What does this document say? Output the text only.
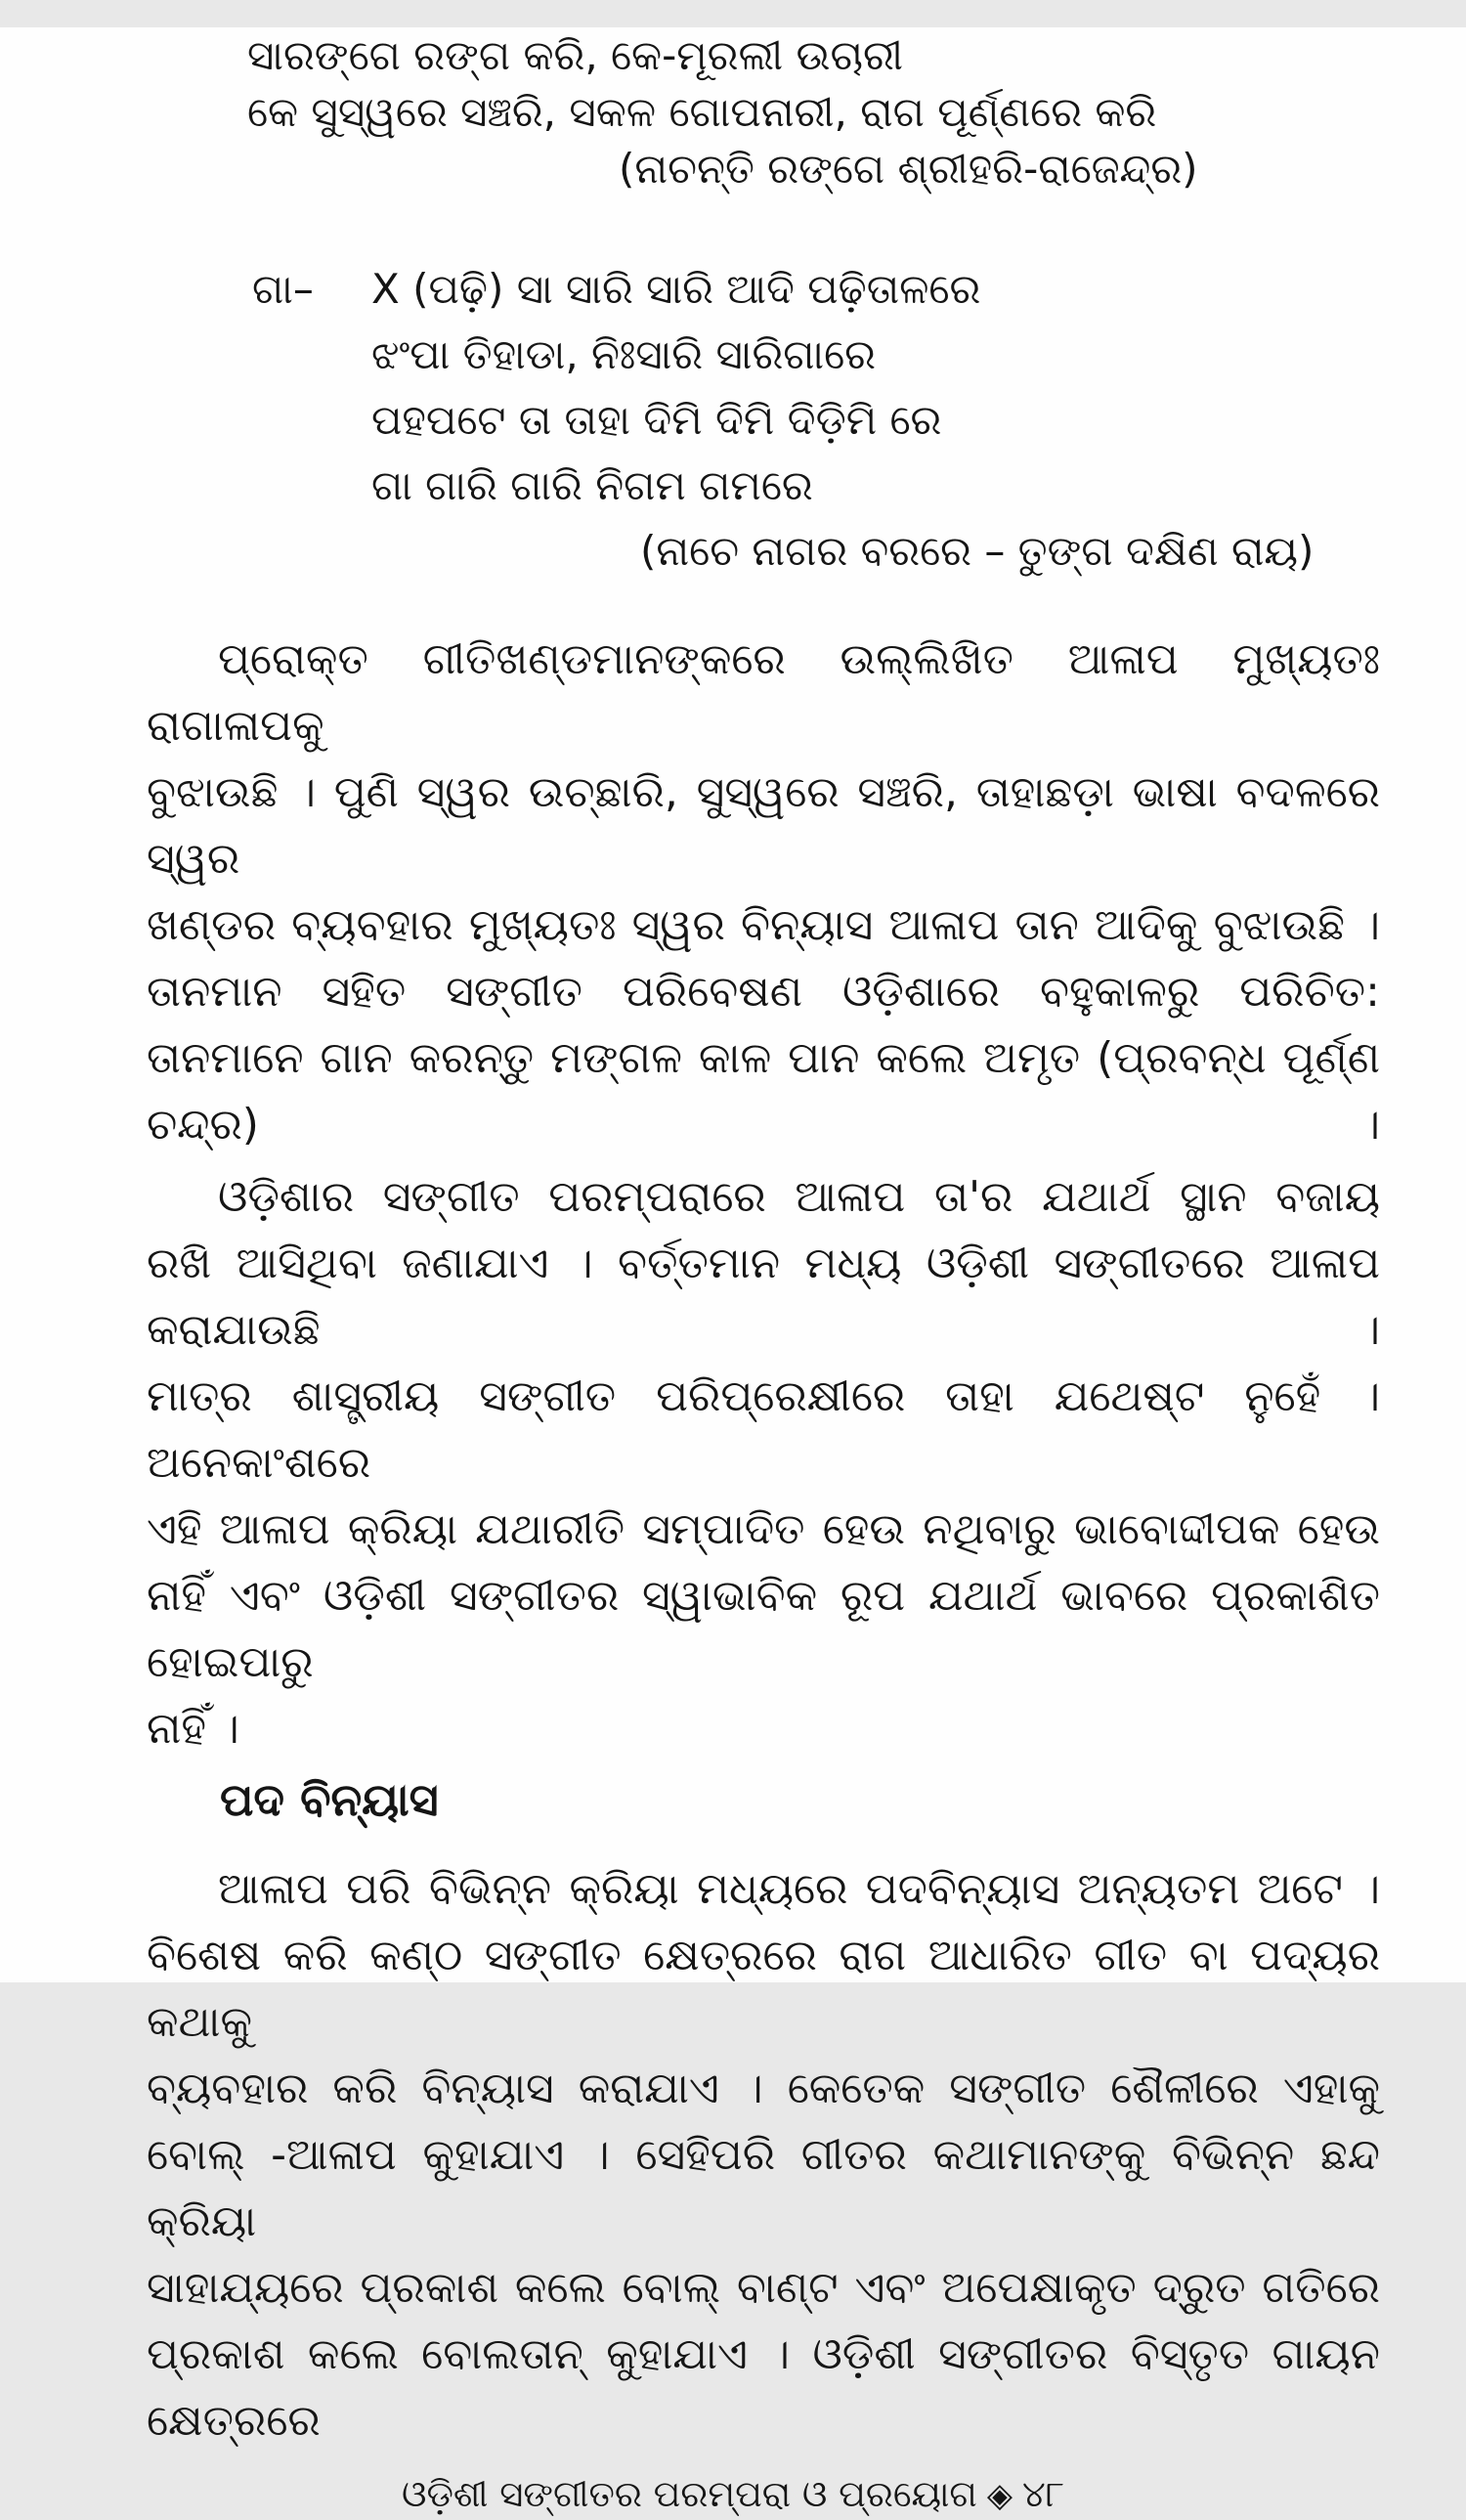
ସାରଙ୍ଗେ ରଙ୍ଗ କରି, କେ-ମୂରଲୀ ଉଚାରୀ
କେ ସୁସ୍ୱରେ ସଞ୍ଚରି, ସକଳ ଗୋପନାରୀ, ରାଗ ପୂର୍ଣ୍ଣରେ କରି
(ନାଚନ୍ତି ରଙ୍ଗେ ଶ୍ରୀହରି-ରାଜେନ୍ଦ୍ର)
ଗା–	X (ପଢ଼ି) ସା ସାରି ସାରି ଆଦି ପଢ଼ିତାଳରେ
ଝଂପା ତିହାଡା, ନିଃସାରି ସାରିଗାରେ
ପହପଟେ ତା ତାହା ଦିମି ଦିମି ଦିଡ଼ିମି ରେ
ଗା ଗାରି ଗାରି ନିଗମ ଗମରେ
(ନାଚେ ନାଗର ବରରେ – ତୁଙ୍ଗ ଦକ୍ଷିଣ ରାୟ)
ପ୍ରୋକ୍ତ ଗୀତିଖଣ୍ଡମାନଙ୍କରେ ଉଲ୍ଲିଖିତ ଆଳାପ ମୁଖ୍ୟତଃ ରାଗାଳାପକୁ
ବୁଝାଉଛି । ପୁଣି ସ୍ୱର ଉଚ୍ଛାରି, ସୁସ୍ୱରେ ସଞ୍ଚରି, ତାହାଛଡ଼ା ଭାଷା ବଦଳରେ ସ୍ୱର
ଖଣ୍ଡର ବ୍ୟବହାର ମୁଖ୍ୟତଃ ସ୍ୱର ବିନ୍ୟାସ ଆଳାପ ତାନ ଆଦିକୁ ବୁଝାଉଛି ।
ତାନମାନ ସହିତ ସଙ୍ଗୀତ ପରିବେଷଣ ଓଡ଼ିଶାରେ ବହୁକାଳରୁ ପରିଚିତ:
ତାନମାନେ ଗାନ କରନ୍ତୁ ମଙ୍ଗଳ କାଳ ପାନ କଲେ ଅମୃତ (ପ୍ରବନ୍ଧ ପୂର୍ଣ୍ଣ ଚନ୍ଦ୍ର) ।
ଓଡ଼ିଶାର ସଙ୍ଗୀତ ପରମ୍ପରାରେ ଆଳାପ ତା'ର ଯଥାର୍ଥ ସ୍ଥାନ ବଜାୟ
ରଖି ଆସିଥିବା ଜଣାଯାଏ । ବର୍ତ୍ତମାନ ମଧ୍ୟ ଓଡ଼ିଶୀ ସଙ୍ଗୀତରେ ଆଳାପ କରାଯାଉଛି ।
ମାତ୍ର ଶାସ୍ତ୍ରୀୟ ସଙ୍ଗୀତ ପରିପ୍ରେକ୍ଷୀରେ ତାହା ଯଥେଷ୍ଟ ନୁହେଁ । ଅନେକାଂଶରେ
ଏହି ଆଳାପ କ୍ରିୟା ଯଥାରୀତି ସମ୍ପାଦିତ ହେଉ ନଥିବାରୁ ଭାବୋଦ୍ଦୀପକ ହେଉ
ନାହିଁ ଏବଂ ଓଡ଼ିଶୀ ସଙ୍ଗୀତର ସ୍ୱାଭାବିକ ରୂପ ଯଥାର୍ଥ ଭାବରେ ପ୍ରକାଶିତ ହୋଇପାରୁ
ନାହିଁ ।
ପଦ ବିନ୍ୟାସ
ଆଳାପ ପରି ବିଭିନ୍ନ କ୍ରିୟା ମଧ୍ୟରେ ପଦବିନ୍ୟାସ ଅନ୍ୟତମ ଅଟେ ।
ବିଶେଷ କରି କଣ୍ଠ ସଙ୍ଗୀତ କ୍ଷେତ୍ରରେ ରାଗ ଆଧାରିତ ଗୀତ ବା ପଦ୍ୟର କଥାକୁ
ବ୍ୟବହାର କରି ବିନ୍ୟାସ କରାଯାଏ । କେତେକ ସଙ୍ଗୀତ ଶୈଳୀରେ ଏହାକୁ
ବୋଲ୍ -ଆଳାପ କୁହାଯାଏ । ସେହିପରି ଗୀତର କଥାମାନଙ୍କୁ ବିଭିନ୍ନ ଛନ୍ଦ କ୍ରିୟା
ସାହାଯ୍ୟରେ ପ୍ରକାଶ କଲେ ବୋଲ୍ ବାଣ୍ଟ ଏବଂ ଅପେକ୍ଷାକୃତ ଦ୍ରୁତ ଗତିରେ
ପ୍ରକାଶ କଲେ ବୋଲତାନ୍ କୁହାଯାଏ । ଓଡ଼ିଶୀ ସଙ୍ଗୀତର ବିସ୍ତୃତ ଗାୟନ କ୍ଷେତ୍ରରେ
ଓଡ଼ିଶୀ ସଙ୍ଗୀତର ପରମ୍ପରା ଓ ପ୍ରୟୋଗ ◈ ୪୮
